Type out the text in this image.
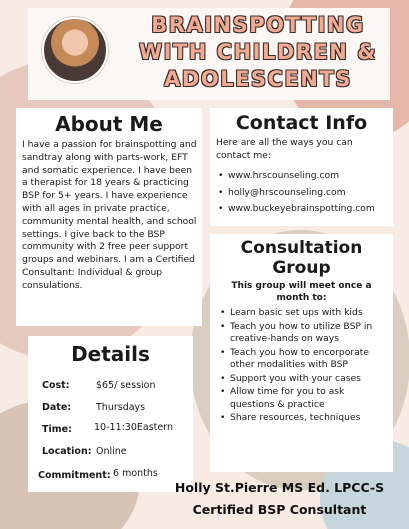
BRAINSPOTTING
WITH CHILDREN &
ADOLESCENTS
About Me
I have a passion for brainspotting and sandtray along with parts-work, EFT and somatic experience. I have been a therapist for 18 years & practicing BSP for 5+ years. I have experience with all ages in private practice, community mental health, and school settings. I give back to the BSP community with 2 free peer support groups and webinars. I am a Certified Consultant: Individual & group consulations.
Contact Info
Here are all the ways you can contact me:
• www.hrscounseling.com
• holly@hrscounseling.com
• www.buckeyebrainspotting.com
Consultation
Group
This group will meet once a month to:
• Learn basic set ups with kids
• Teach you how to utilize BSP in creative-hands on ways
• Teach you how to encorporate other modalities with BSP
• Support you with your cases
• Allow time for you to ask questions & practice
• Share resources, techniques
Details
Cost:	$65/ session
Date:	Thursdays
Time: 10-11:30Eastern
Location: Online
Commitment: 6 months
Holly St.Pierre MS Ed. LPCC-S
Certified BSP Consultant
